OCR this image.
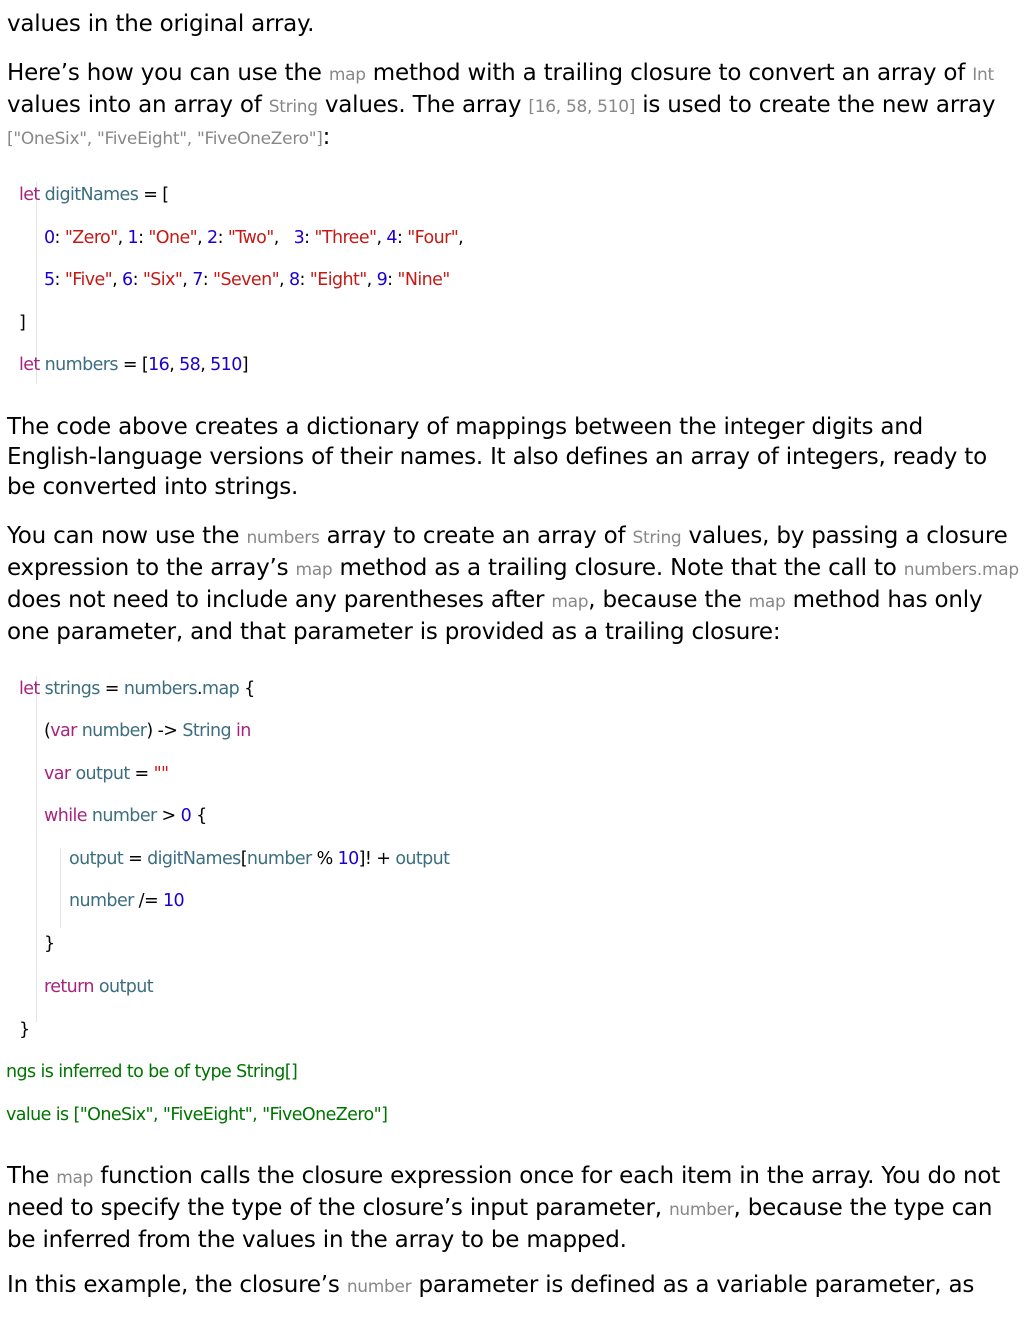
values in the original array.
Here’s how you can use the map method with a trailing closure to convert an array of Int values into an array of String values. The array [16, 58, 510] is used to create the new array ["OneSix", "FiveEight", "FiveOneZero"]:
let digitNames = [
0: "Zero", 1: "One", 2: "Two",   3: "Three", 4: "Four",
5: "Five", 6: "Six", 7: "Seven", 8: "Eight", 9: "Nine"
]
let numbers = [16, 58, 510]
The code above creates a dictionary of mappings between the integer digits and English-language versions of their names. It also defines an array of integers, ready to be converted into strings.
You can now use the numbers array to create an array of String values, by passing a closure expression to the array’s map method as a trailing closure. Note that the call to numbers.map does not need to include any parentheses after map, because the map method has only one parameter, and that parameter is provided as a trailing closure:
let strings = numbers.map {
(var number) -> String in
var output = ""
while number > 0 {
output = digitNames[number % 10]! + output
number /= 10
}
return output
}
ngs is inferred to be of type String[]
value is ["OneSix", "FiveEight", "FiveOneZero"]
The map function calls the closure expression once for each item in the array. You do not need to specify the type of the closure’s input parameter, number, because the type can be inferred from the values in the array to be mapped.
In this example, the closure’s number parameter is defined as a variable parameter, as
